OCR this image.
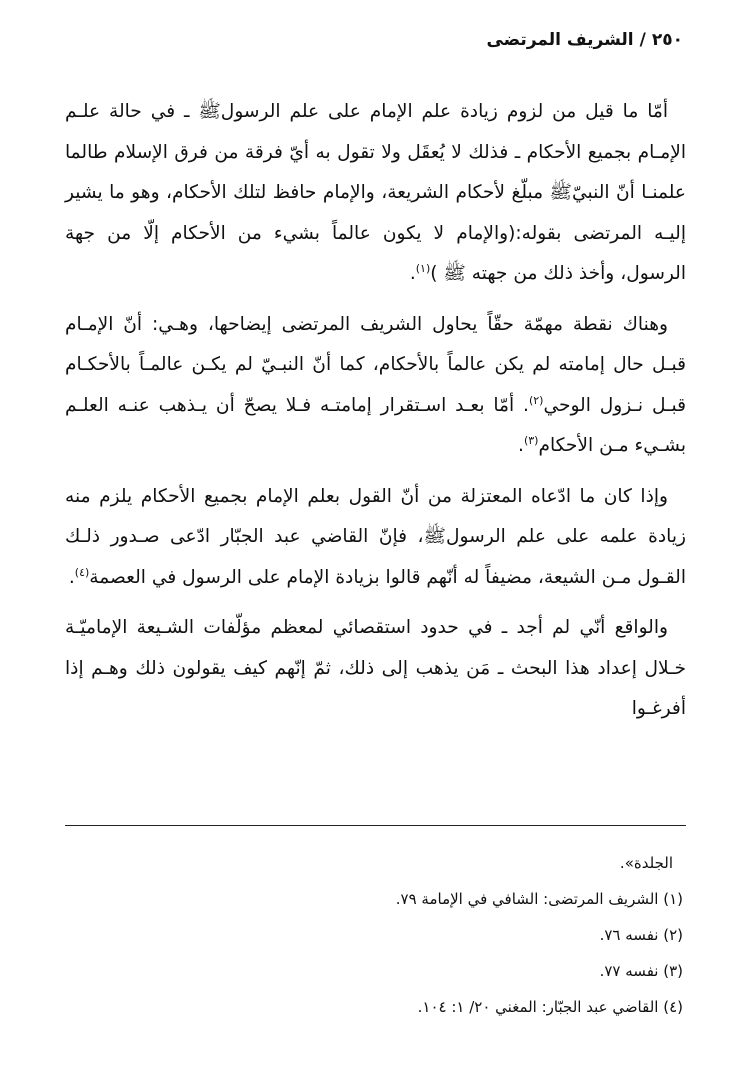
٢٥٠
/
الشريف المرتضى

أمّا ما قيل من لزوم زيادة علم الإمام على علم الرسولﷺ ـ في حالة علـم الإمـام بجميع الأحكام ـ فذلك لا يُعقَل ولا تقول به أيّ فرقة من فرق الإسلام طالما علمنـا أنّ النبيّﷺ مبلّغ لأحكام الشريعة، والإمام حافظ لتلك الأحكام، وهو ما يشير إليـه المرتضى بقوله:(والإمام لا يكون عالماً بشيء من الأحكام إلّا من جهة الرسول، وأخذ ذلك من جهته ﷺ )$^{(١)}$.

وهناك نقطة مهمّة حقّاً يحاول الشريف المرتضى إيضاحها، وهـي: أنّ الإمـام قبـل حال إمامته لم يكن عالماً بالأحكام، كما أنّ النبـيّ لم يكـن عالمـاً بالأحكـام قبـل نـزول الوحي$^{(٢)}$. أمّا بعـد اسـتقرار إمامتـه فـلا يصحّ أن يـذهب عنـه العلـم بشـيء مـن الأحكام$^{(٣)}$.

وإذا كان ما ادّعاه المعتزلة من أنّ القول بعلم الإمام بجميع الأحكام يلزم منه زيادة علمه على علم الرسولﷺ، فإنّ القاضي عبد الجبّار ادّعى صـدور ذلـك القـول مـن الشيعة، مضيفاً له أنّهم قالوا بزيادة الإمام على الرسول في العصمة$^{(٤)}$.

والواقع أنّي لم أجد ـ في حدود استقصائي لمعظم مؤلّفات الشـيعة الإماميّـة خـلال إعداد هذا البحث ـ مَن يذهب إلى ذلك، ثمّ إنّهم كيف يقولون ذلك وهـم إذا أفرغـوا

الجلدة».
(١) الشريف المرتضى: الشافي في الإمامة ٧٩.
(٢) نفسه ٧٦.
(٣) نفسه ٧٧.
(٤) القاضي عبد الجبّار: المغني ٢٠/ ١: ١٠٤.
